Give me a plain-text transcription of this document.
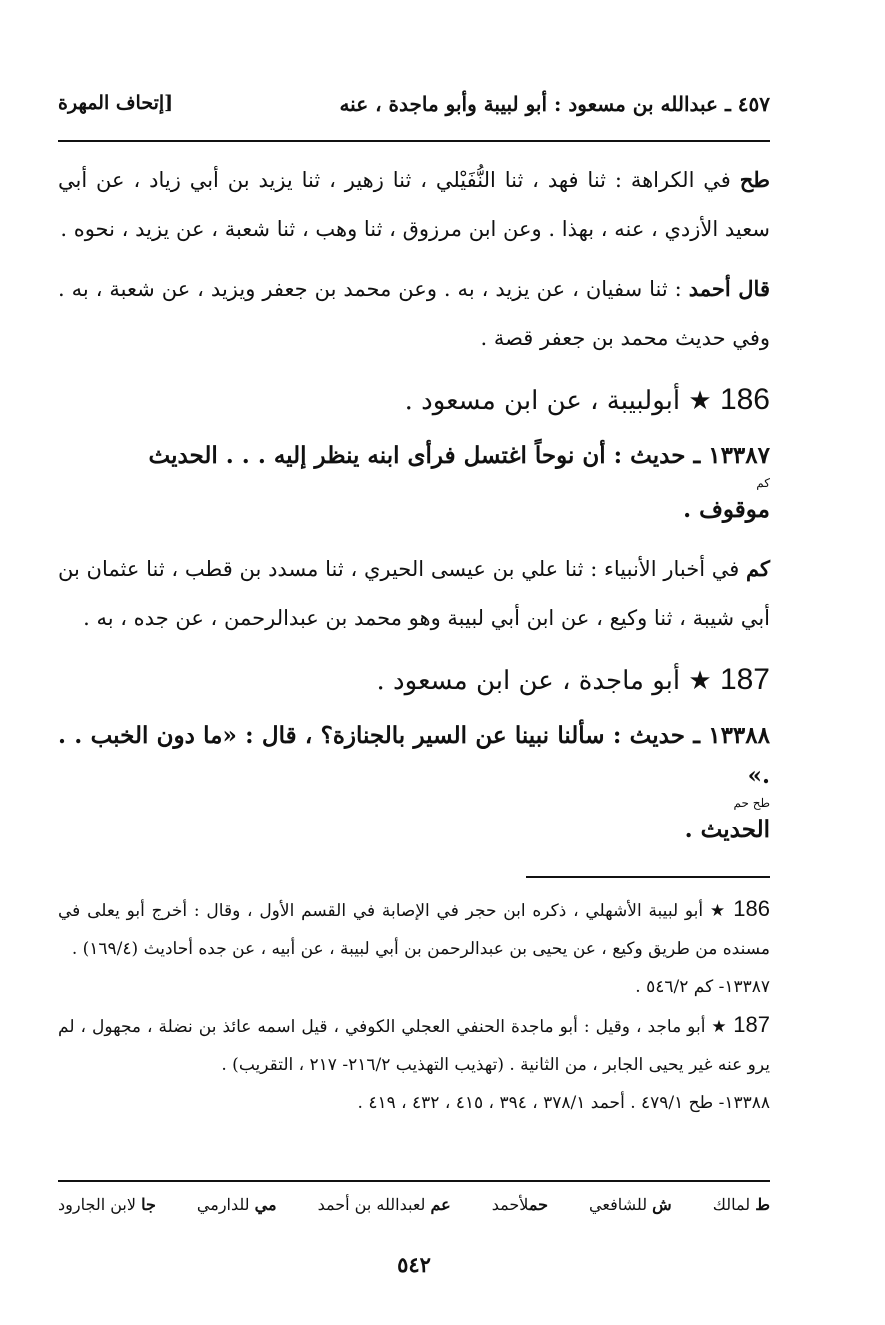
٤٥٧ ـ عبدالله بن مسعود : أبو لبيبة وأبو ماجدة ، عنه
[إتحاف المهرة

طح في الكراهة : ثنا فهد ، ثنا النُّفَيْلي ، ثنا زهير ، ثنا يزيد بن أبي زياد ، عن أبي سعيد الأزدي ، عنه ، بهذا . وعن ابن مرزوق ، ثنا وهب ، ثنا شعبة ، عن يزيد ، نحوه .

قال أحمد : ثنا سفيان ، عن يزيد ، به . وعن محمد بن جعفر ويزيد ، عن شعبة ، به . وفي حديث محمد بن جعفر قصة .

186 ★ أبولبيبة ، عن ابن مسعود .

١٣٣٨٧ ـ حديث : أن نوحاً اغتسل فرأى ابنه ينظر إليه . . . الحديث
كم
موقوف .

كم في أخبار الأنبياء : ثنا علي بن عيسى الحيري ، ثنا مسدد بن قطب ، ثنا عثمان بن أبي شيبة ، ثنا وكيع ، عن ابن أبي لبيبة وهو محمد بن عبدالرحمن ، عن جده ، به .

187 ★ أبو ماجدة ، عن ابن مسعود .

١٣٣٨٨ ـ حديث : سألنا نبينا عن السير بالجنازة؟ ، قال : «ما دون الخبب . . .»
طح حم
الحديث .

186 ★ أبو لبيبة الأشهلي ، ذكره ابن حجر في الإصابة في القسم الأول ، وقال : أخرج أبو يعلى في مسنده من طريق وكيع ، عن يحيى بن عبدالرحمن بن أبي لبيبة ، عن أبيه ، عن جده أحاديث (١٦٩/٤) .

١٣٣٨٧- كم ٥٤٦/٢ .

187 ★ أبو ماجد ، وقيل : أبو ماجدة الحنفي العجلي الكوفي ، قيل اسمه عائذ بن نضلة ، مجهول ، لم يرو عنه غير يحيى الجابر ، من الثانية . (تهذيب التهذيب ٢١٦/٢- ٢١٧ ، التقريب) .

١٣٣٨٨- طح ٤٧٩/١ . أحمد ٣٧٨/١ ، ٣٩٤ ، ٤١٥ ، ٤٣٢ ، ٤١٩ .

ط لمالك
ش للشافعي
حملأحمد
عم لعبدالله بن أحمد
مي للدارمي
جا لابن الجارود
٥٤٢
